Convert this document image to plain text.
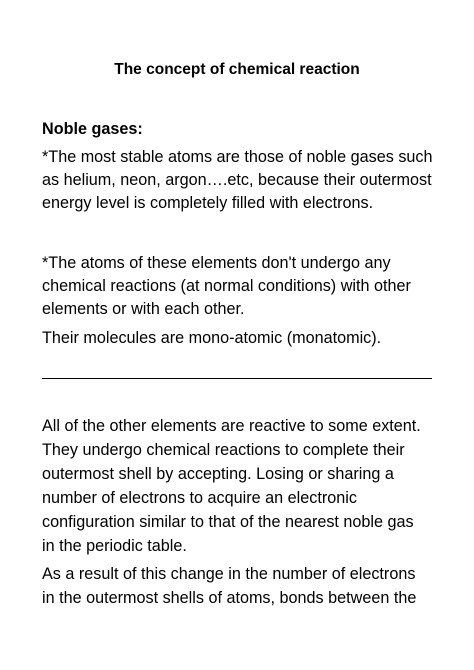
The concept of chemical reaction
Noble gases:
*The most stable atoms are those of noble gases such
as helium, neon, argon….etc, because their outermost
energy level is completely filled with electrons.
*The atoms of these elements don't undergo any
chemical reactions (at normal conditions) with other
elements or with each other.
Their molecules are mono-atomic (monatomic).
All of the other elements are reactive to some extent.
They undergo chemical reactions to complete their
outermost shell by accepting. Losing or sharing a
number of electrons to acquire an electronic
configuration similar to that of the nearest noble gas
in the periodic table.
As a result of this change in the number of electrons
in the outermost shells of atoms, bonds between the
